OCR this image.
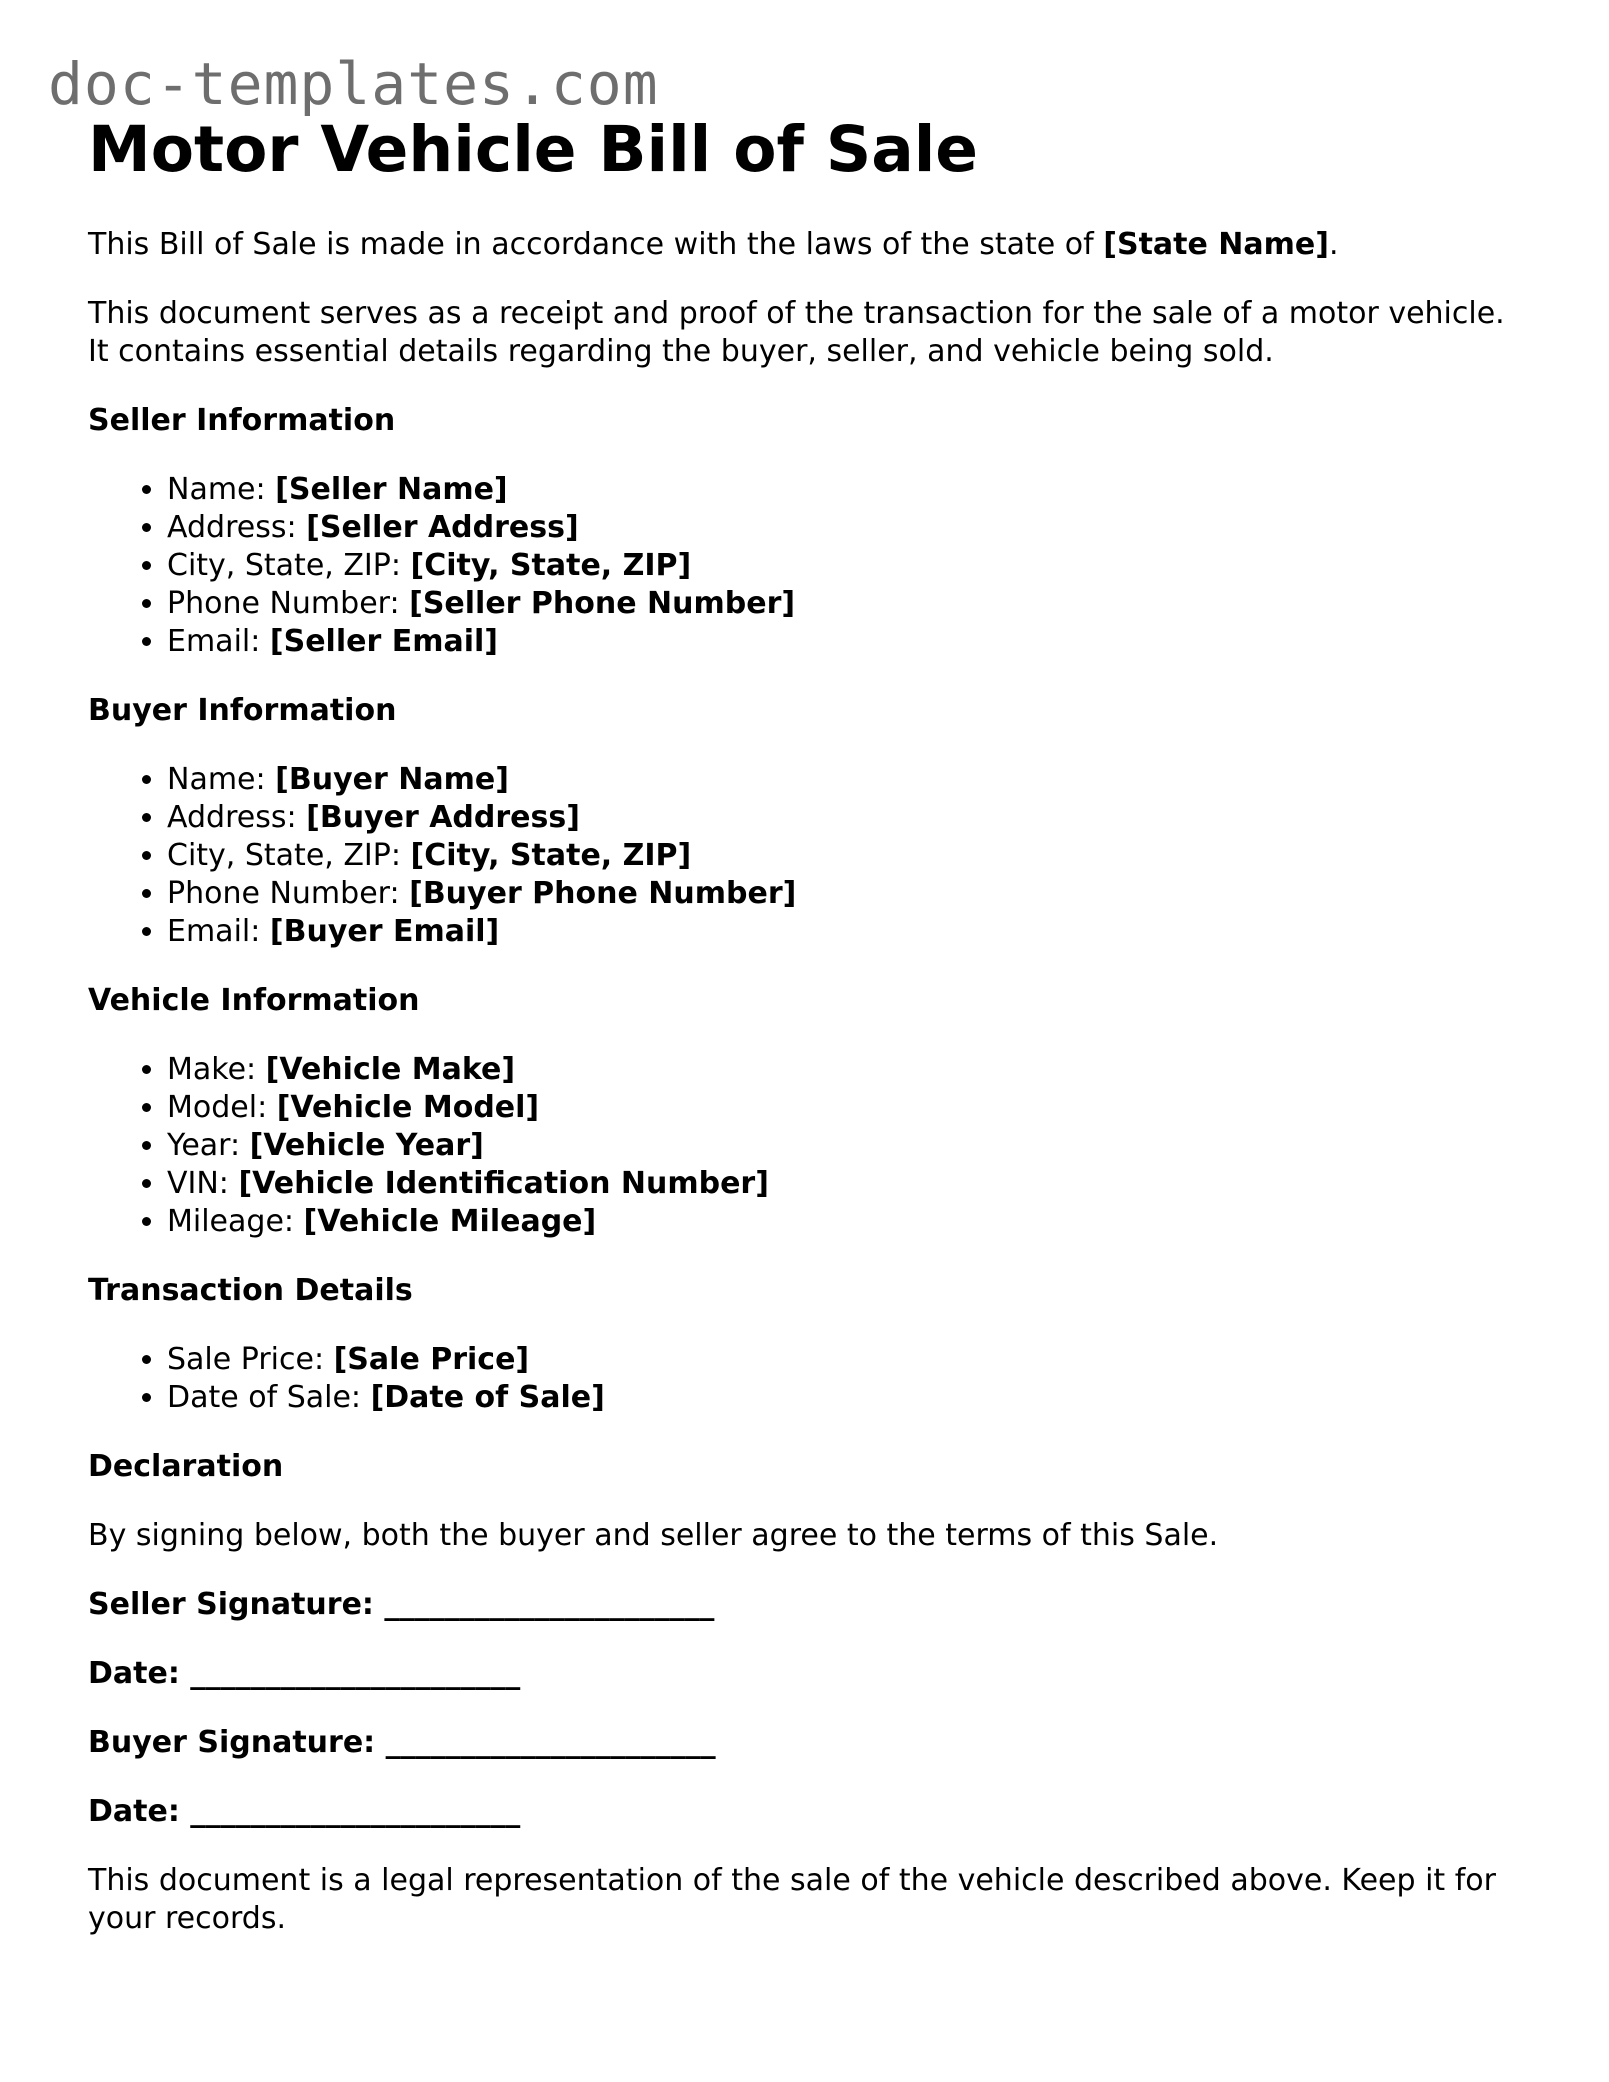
doc-templates.com
Motor Vehicle Bill of Sale

This Bill of Sale is made in accordance with the laws of the state of [State Name].

This document serves as a receipt and proof of the transaction for the sale of a motor vehicle. It contains essential details regarding the buyer, seller, and vehicle being sold.

Seller Information
• Name: [Seller Name]
• Address: [Seller Address]
• City, State, ZIP: [City, State, ZIP]
• Phone Number: [Seller Phone Number]
• Email: [Seller Email]
Buyer Information
• Name: [Buyer Name]
• Address: [Buyer Address]
• City, State, ZIP: [City, State, ZIP]
• Phone Number: [Buyer Phone Number]
• Email: [Buyer Email]
Vehicle Information
• Make: [Vehicle Make]
• Model: [Vehicle Model]
• Year: [Vehicle Year]
• VIN: [Vehicle Identification Number]
• Mileage: [Vehicle Mileage]
Transaction Details
• Sale Price: [Sale Price]
• Date of Sale: [Date of Sale]
Declaration

By signing below, both the buyer and seller agree to the terms of this Sale.

Seller Signature: ______________________
Date: ______________________
Buyer Signature: ______________________
Date: ______________________

This document is a legal representation of the sale of the vehicle described above. Keep it for your records.
